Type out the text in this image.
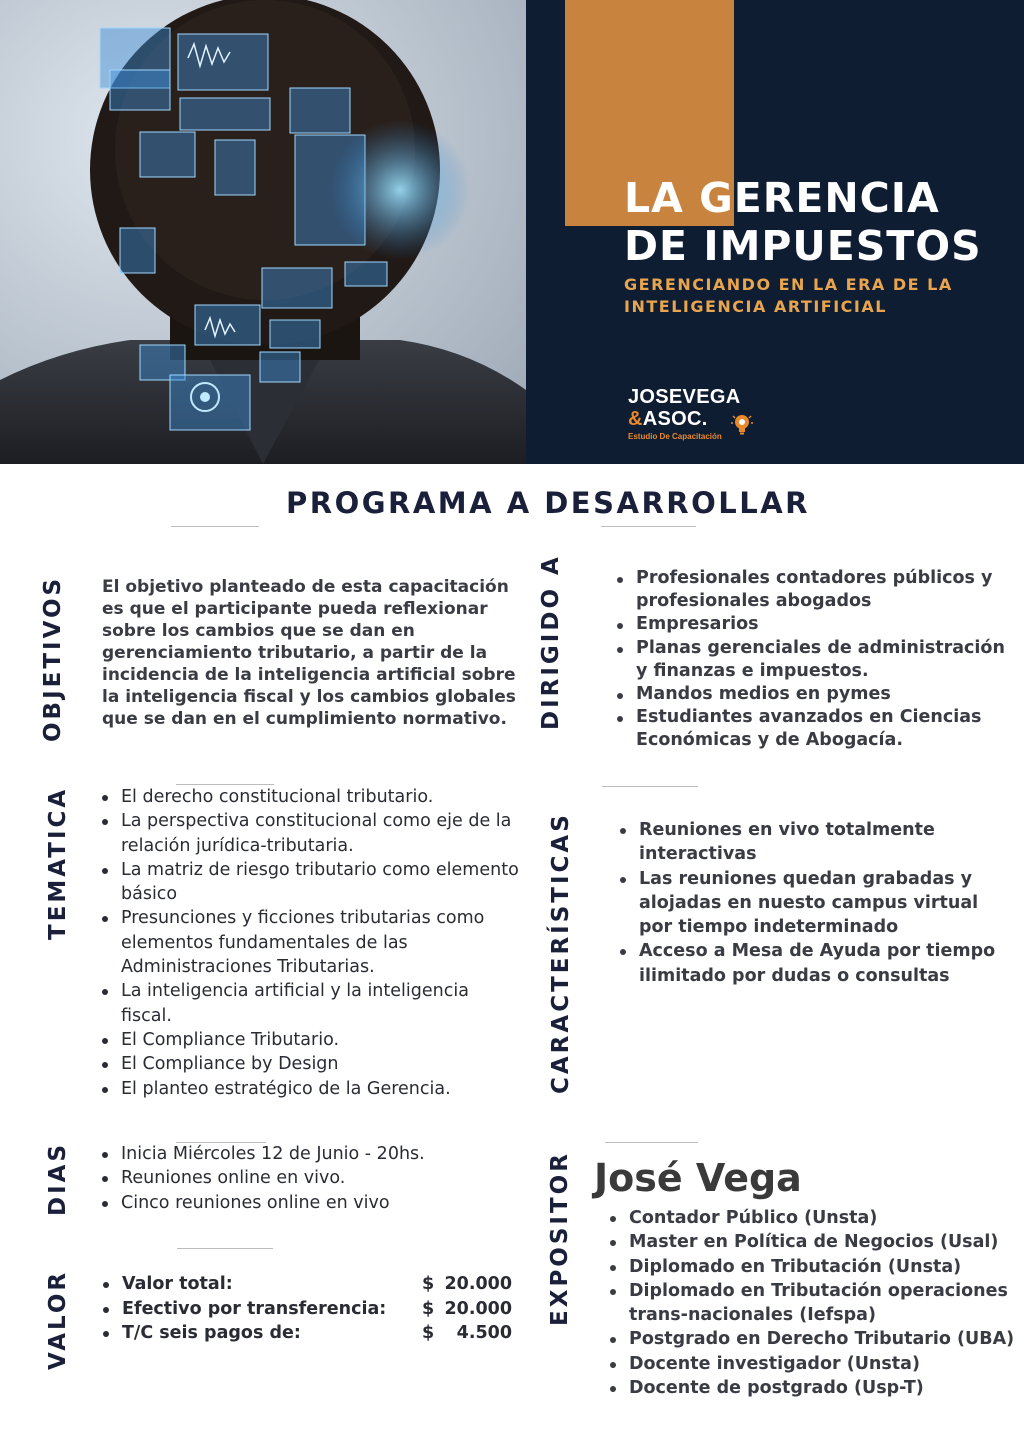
LA GERENCIA
DE IMPUESTOS
GERENCIANDO EN LA ERA DE LA
INTELIGENCIA ARTIFICIAL
JOSEVEGA
&ASOC.
Estudio De Capacitación
PROGRAMA A DESARROLLAR
OBJETIVOS	El objetivo planteado de esta capacitación es que el participante pueda reflexionar sobre los cambios que se dan en gerenciamiento tributario, a partir de la incidencia de la inteligencia artificial sobre la inteligencia fiscal y los cambios globales que se dan en el cumplimiento normativo.	DIRIGIDO A	Profesionales contadores públicos y profesionales abogados
Empresarios
Planas gerenciales de administración y finanzas e impuestos.
Mandos medios en pymes
Estudiantes avanzados en Ciencias Económicas y de Abogacía.
TEMATICA	El derecho constitucional tributario.
La perspectiva constitucional como eje de la relación jurídica-tributaria.
La matriz de riesgo tributario como elemento básico
Presunciones y ficciones tributarias como elementos fundamentales de las Administraciones Tributarias.
La inteligencia artificial y la inteligencia fiscal.
El Compliance Tributario.
El Compliance by Design
El planteo estratégico de la Gerencia.	CARACTERÍSTICAS	Reuniones en vivo totalmente interactivas
Las reuniones quedan grabadas y alojadas en nuesto campus virtual por tiempo indeterminado
Acceso a Mesa de Ayuda por tiempo ilimitado por dudas o consultas
DIAS	Inicia Miércoles 12 de Junio - 20hs.
Reuniones online en vivo.
Cinco reuniones online en vivo
VALOR	Valor total:	$ 20.000
Efectivo por transferencia: $ 20.000
T/C seis pagos de:	$ 4.500
EXPOSITOR José Vega
Contador Público (Unsta)
Master en Política de Negocios (Usal)
Diplomado en Tributación (Unsta)
Diplomado en Tributación operaciones trans-nacionales (Iefspa)
Postgrado en Derecho Tributario (UBA)
Docente investigador (Unsta)
Docente de postgrado (Usp-T)
